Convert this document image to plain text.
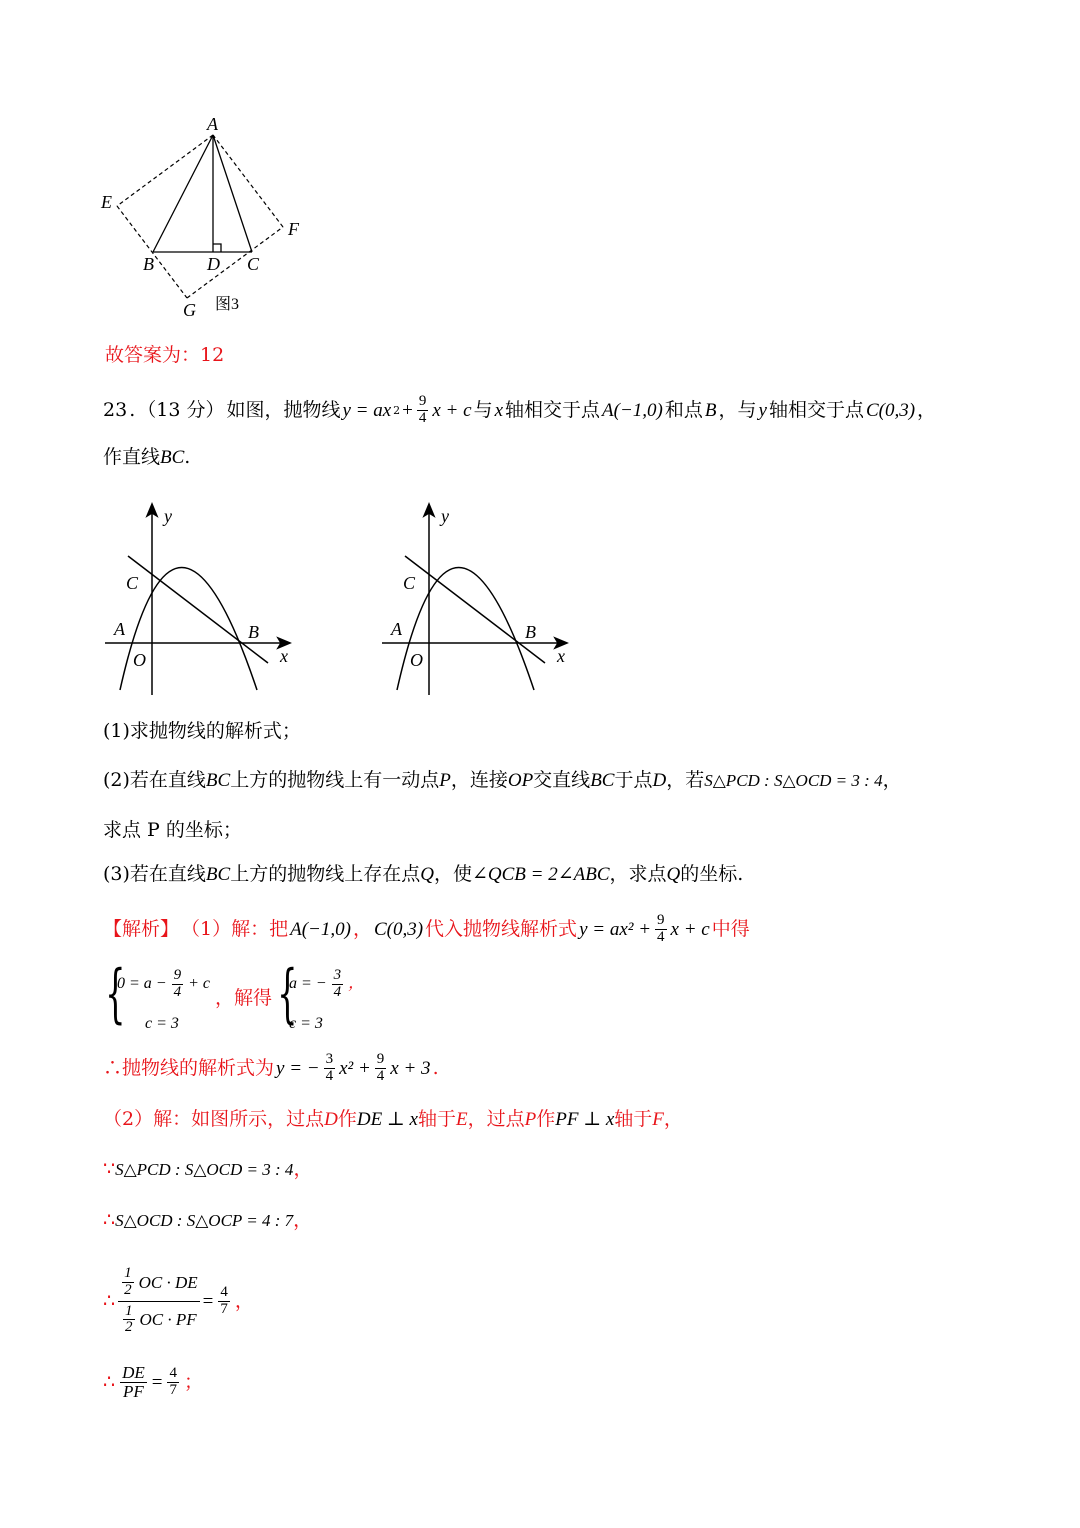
A
B	C
D
E
F
G 图3
故答案为：12
23 . （13 分） 如图，抛物线 y = ax $2 + \frac{9}{4}$ x + c 与 x 轴相交于点 A(−1,0) 和点 B ，与 y 轴相交于点 C(0,3) ，
作直线BC.
y
C
A	B
O	x
y
C
A	B
O	x
(1)求抛物线的解析式；
(2)若在直线BC上方的抛物线上有一动点P，连接OP交直线BC于点D，若S△PCD : S△OCD = 3 : 4，
求点 P 的坐标；
(3)若在直线BC上方的抛物线上存在点Q，使∠QCB = 2∠ABC，求点Q的坐标.
【解析】 （1）解：把 A(−1,0) ， C(0,3) 代入抛物线解析式 $y = ax^2 + \frac{9}{4}$ x + c 中得
{
$0 = a - \frac{9}{4} + c$
c = 3
，解得 {
a = − $\frac{3}{4}$ ，
c = 3
∴抛物线的解析式为 y = − $\frac{3}{4} x^2 + \frac{9}{4}$ x + 3 .
（2）解：如图所示，过点D作DE ⊥ x轴于E，过点P作PF ⊥ x轴于F，
∵S△PCD : S△OCD = 3 : 4，
∴S△OCD : S△OCP = 4 : 7，
∴
$\frac{1}{2}$ OC · DE
$\frac{1}{2}$ OC · PF
= $\frac{4}{7}$ ，
∴ $\frac{DE}{PF} = \frac{4}{7}$ ；
